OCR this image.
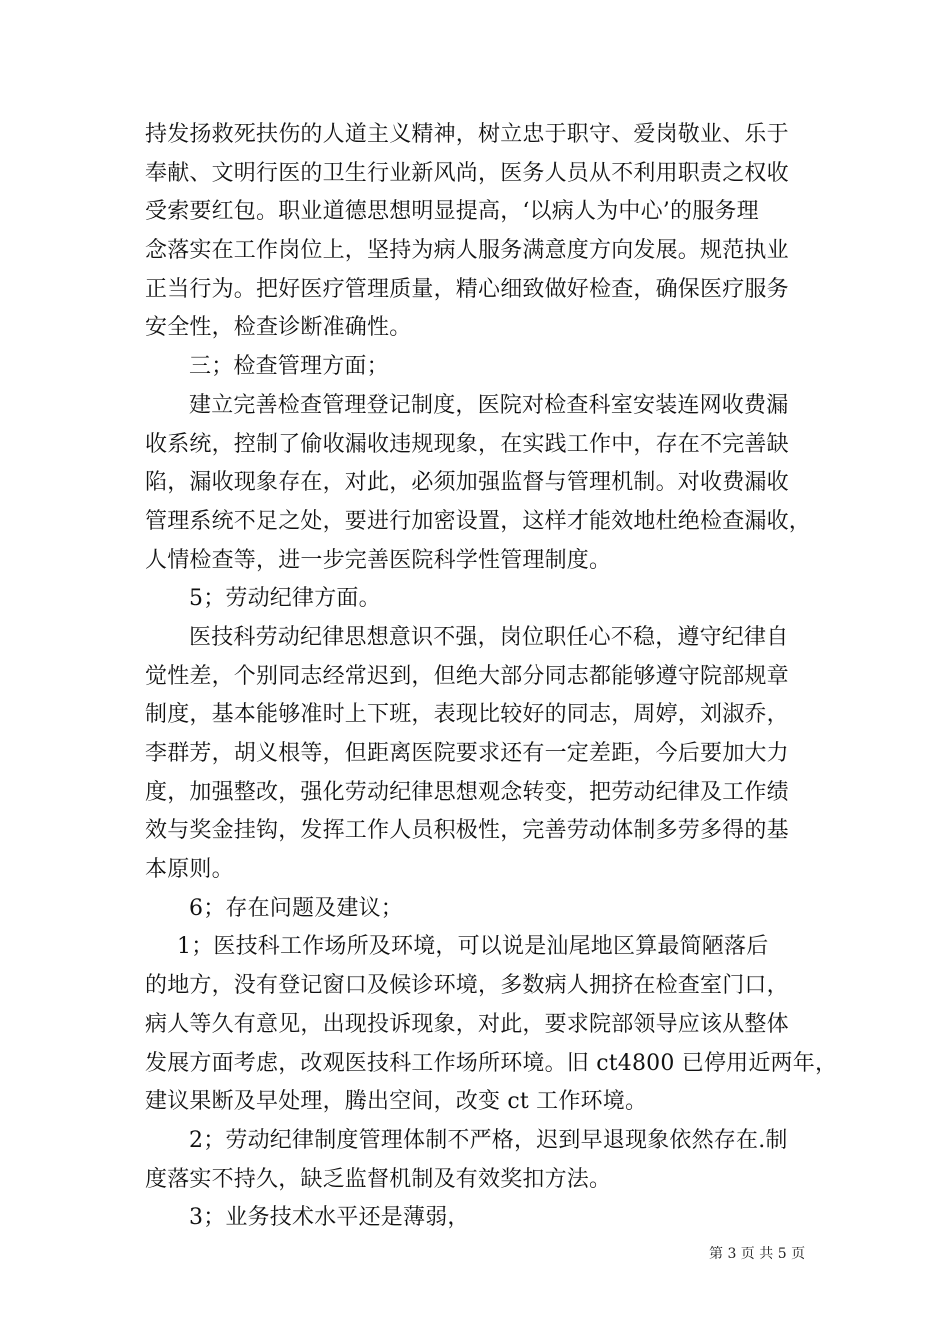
持发扬救死扶伤的人道主义精神，树立忠于职守、爱岗敬业、乐于
奉献、文明行医的卫生行业新风尚，医务人员从不利用职责之权收
受索要红包。职业道德思想明显提高，‘以病人为中心’的服务理
念落实在工作岗位上，坚持为病人服务满意度方向发展。规范执业
正当行为。把好医疗管理质量，精心细致做好检查，确保医疗服务
安全性，检查诊断准确性。
三；检查管理方面；
建立完善检查管理登记制度，医院对检查科室安装连网收费漏
收系统，控制了偷收漏收违规现象，在实践工作中，存在不完善缺
陷，漏收现象存在，对此，必须加强监督与管理机制。对收费漏收
管理系统不足之处，要进行加密设置，这样才能效地杜绝检查漏收，
人情检查等，进一步完善医院科学性管理制度。
5；劳动纪律方面。
医技科劳动纪律思想意识不强，岗位职任心不稳，遵守纪律自
觉性差，个别同志经常迟到，但绝大部分同志都能够遵守院部规章
制度，基本能够准时上下班，表现比较好的同志，周婷，刘淑乔，
李群芳，胡义根等，但距离医院要求还有一定差距，今后要加大力
度，加强整改，强化劳动纪律思想观念转变，把劳动纪律及工作绩
效与奖金挂钩，发挥工作人员积极性，完善劳动体制多劳多得的基
本原则。
6；存在问题及建议；
1；医技科工作场所及环境，可以说是汕尾地区算最简陋落后
的地方，没有登记窗口及候诊环境，多数病人拥挤在检查室门口，
病人等久有意见，出现投诉现象，对此，要求院部领导应该从整体
发展方面考虑，改观医技科工作场所环境。旧 ct4800 已停用近两年，
建议果断及早处理，腾出空间，改变 ct 工作环境。
2；劳动纪律制度管理体制不严格，迟到早退现象依然存在.制
度落实不持久，缺乏监督机制及有效奖扣方法。
3；业务技术水平还是薄弱，
第 3 页 共 5 页
